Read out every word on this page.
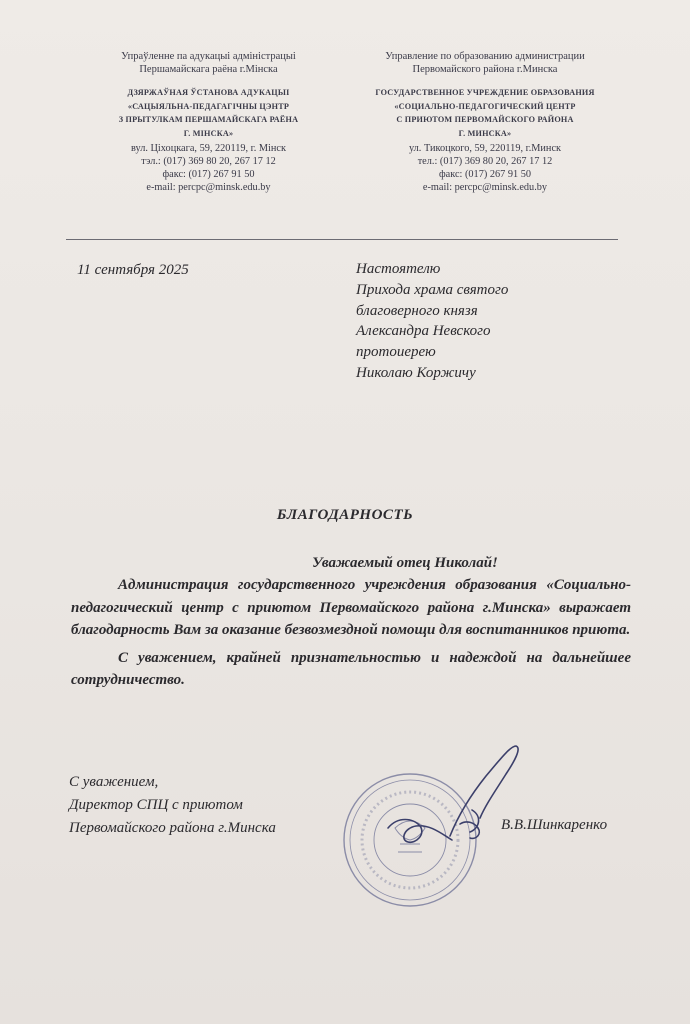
Упраўленне па адукацыі адміністрацыі
Першамайскага раёна г.Мінска
ДЗЯРЖАЎНАЯ ЎСТАНОВА АДУКАЦЫІ
«САЦЫЯЛЬНА-ПЕДАГАГІЧНЫ ЦЭНТР
З ПРЫТУЛКАМ ПЕРШАМАЙСКАГА РАЁНА
Г. МІНСКА»
вул. Ціхоцкага, 59, 220119, г. Мінск
тэл.: (017) 369 80 20, 267 17 12
факс: (017) 267 91 50
e-mail: percpc@minsk.edu.by
Управление по образованию администрации
Первомайского района г.Минска
ГОСУДАРСТВЕННОЕ УЧРЕЖДЕНИЕ ОБРАЗОВАНИЯ
«СОЦИАЛЬНО-ПЕДАГОГИЧЕСКИЙ ЦЕНТР
С ПРИЮТОМ ПЕРВОМАЙСКОГО РАЙОНА
Г. МИНСКА»
ул. Тикоцкого, 59, 220119, г.Минск
тел.: (017) 369 80 20, 267 17 12
факс: (017) 267 91 50
e-mail: percpc@minsk.edu.by
11 сентября 2025	Настоятелю
Прихода храма святого
благоверного князя
Александра Невского
протоиерею
Николаю Коржичу
БЛАГОДАРНОСТЬ
Уважаемый отец Николай!

Администрация государственного учреждения образования «Социально-педагогический центр с приютом Первомайского района г.Минска» выражает благодарность Вам за оказание безвозмездной помощи для воспитанников приюта.

С уважением, крайней признательностью и надеждой на дальнейшее сотрудничество.

С уважением,
Директор СПЦ с приютом
Первомайского района г.Минска	В.В.Шинкаренко
